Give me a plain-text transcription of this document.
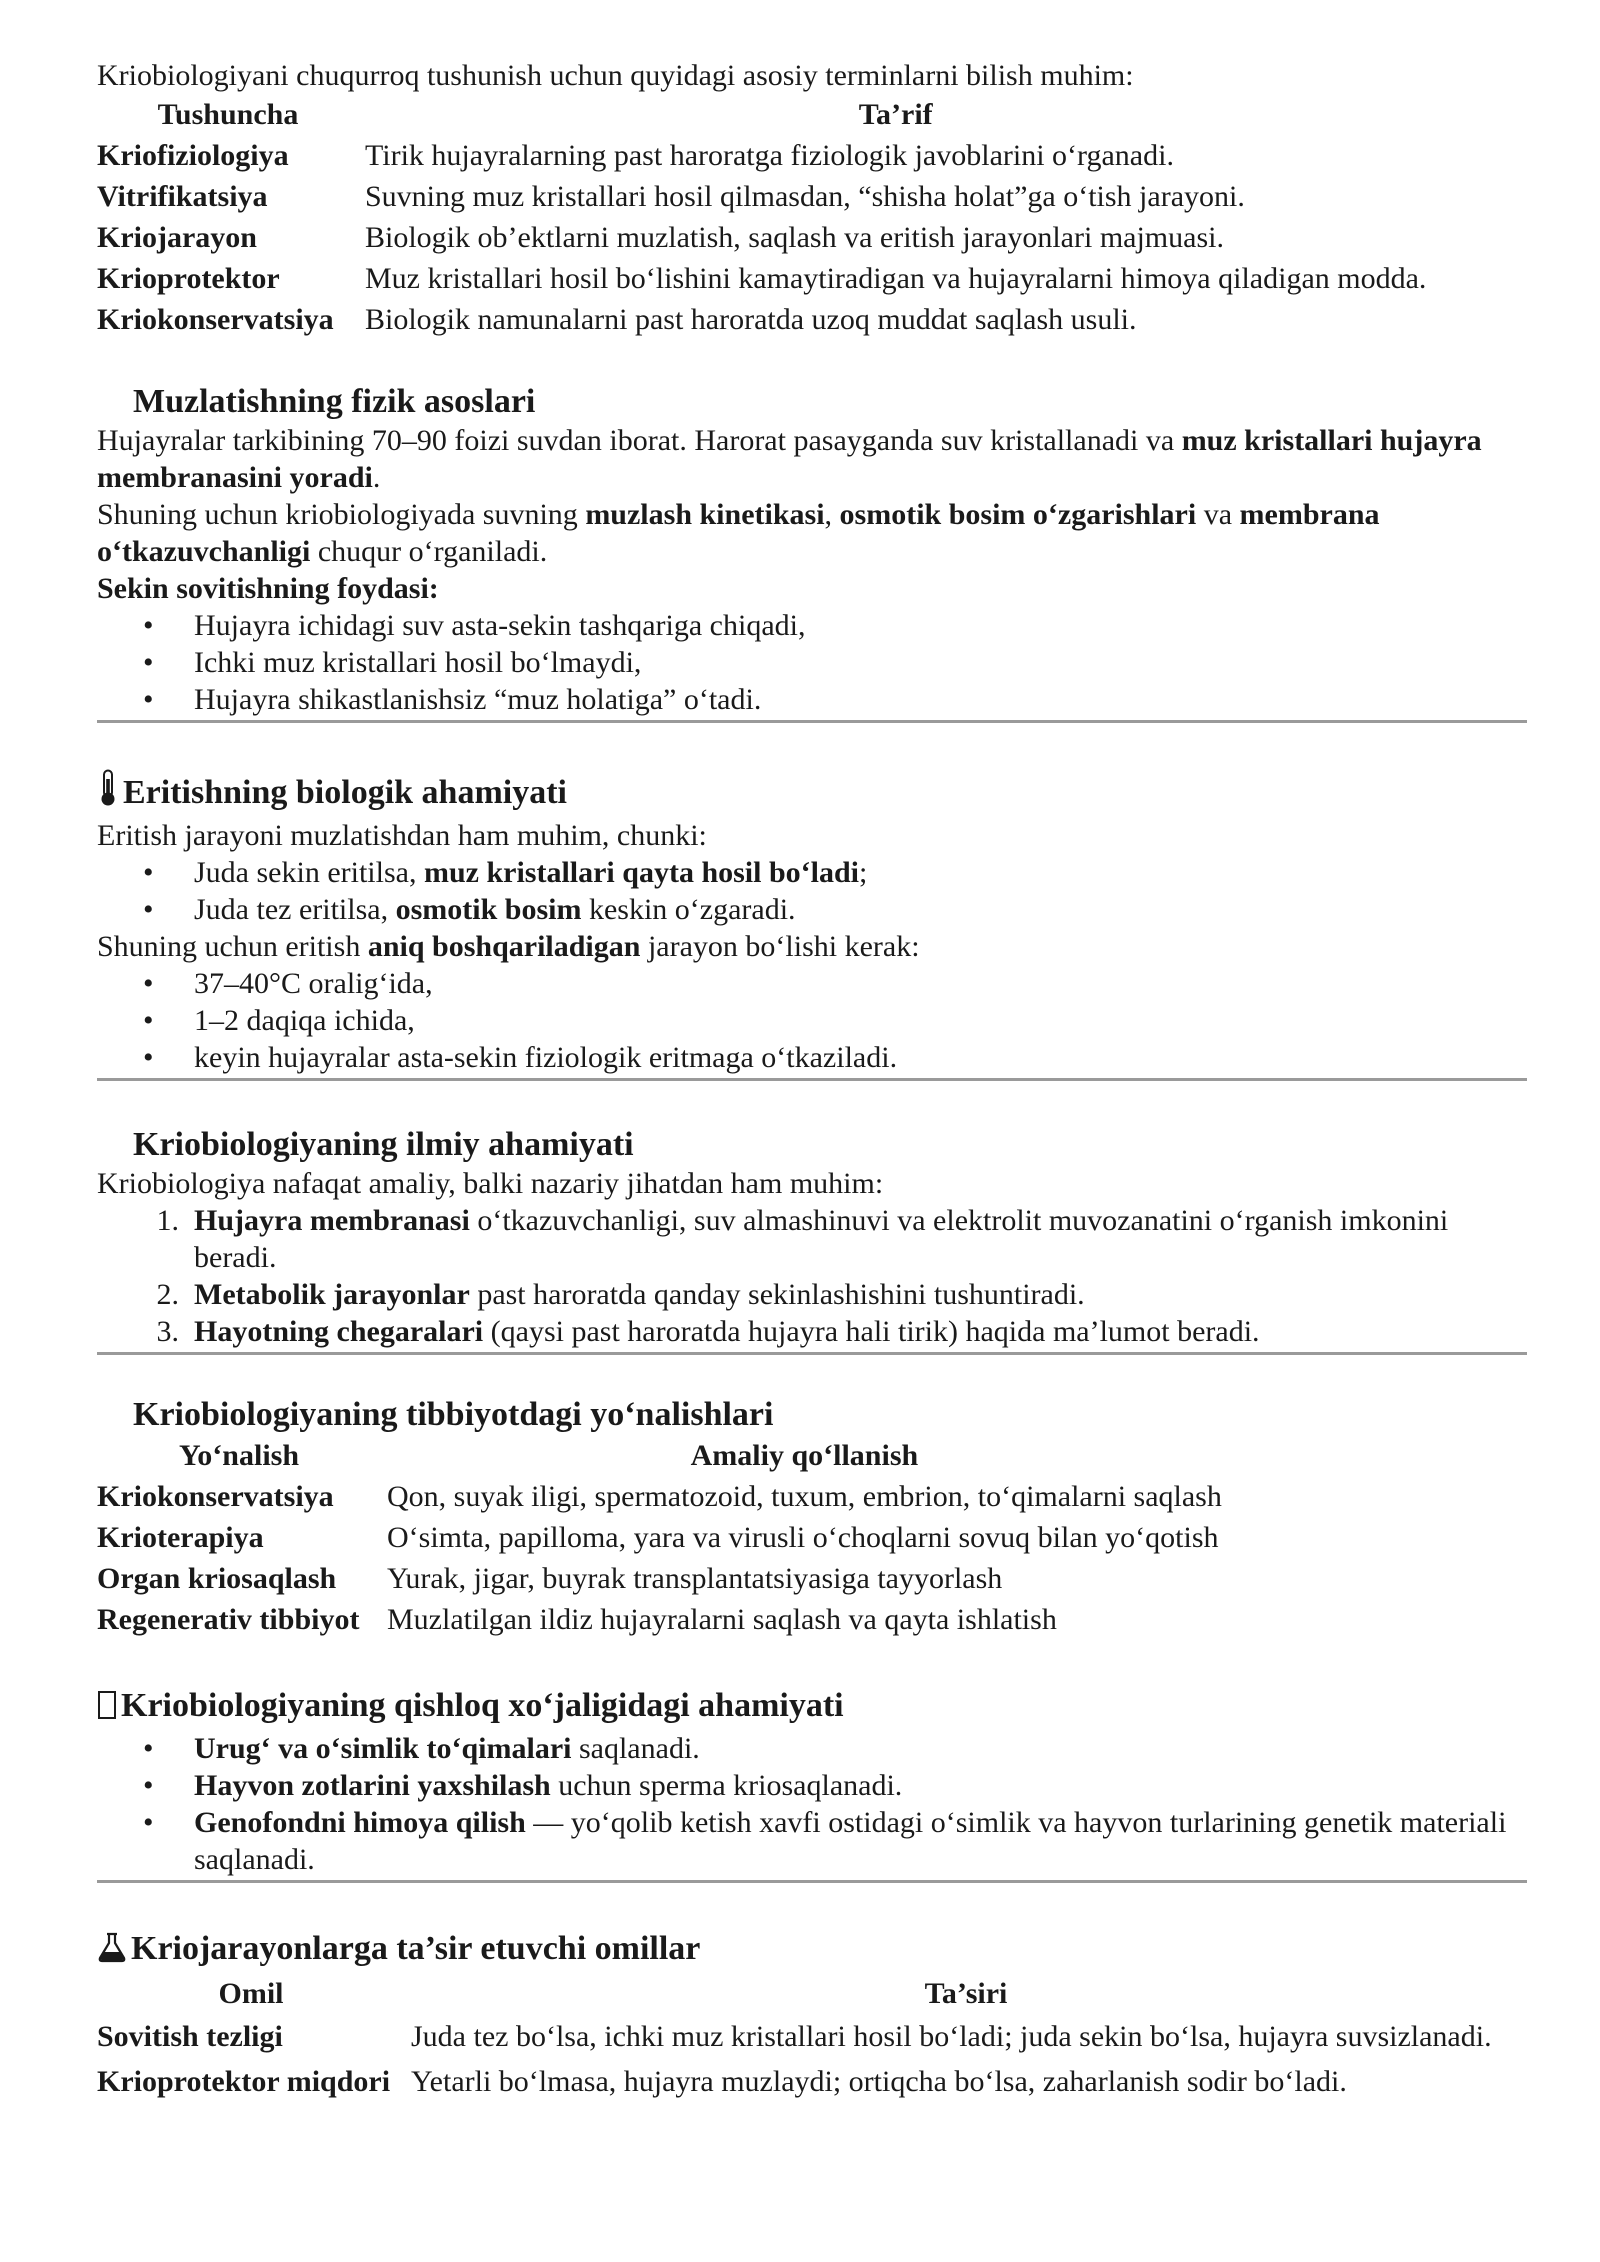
Kriobiologiyani chuqurroq tushunish uchun quyidagi asosiy terminlarni bilish muhim:

Tushuncha	Ta’rif
Kriofiziologiya	Tirik hujayralarning past haroratga fiziologik javoblarini oʻrganadi.
Vitrifikatsiya	Suvning muz kristallari hosil qilmasdan, “shisha holat”ga oʻtish jarayoni.
Kriojarayon	Biologik ob’ektlarni muzlatish, saqlash va eritish jarayonlari majmuasi.
Krioprotektor	Muz kristallari hosil boʻlishini kamaytiradigan va hujayralarni himoya qiladigan modda.
Kriokonservatsiya	Biologik namunalarni past haroratda uzoq muddat saqlash usuli.
Muzlatishning fizik asoslari

Hujayralar tarkibining 70–90 foizi suvdan iborat. Harorat pasayganda suv kristallanadi va muz kristallari hujayra membranasini yoradi.

Shuning uchun kriobiologiyada suvning muzlash kinetikasi, osmotik bosim oʻzgarishlari va membrana oʻtkazuvchanligi chuqur oʻrganiladi.

Sekin sovitishning foydasi:

• Hujayra ichidagi suv asta-sekin tashqariga chiqadi,
• Ichki muz kristallari hosil boʻlmaydi,
• Hujayra shikastlanishsiz “muz holatiga” oʻtadi.
Eritishning biologik ahamiyati

Eritish jarayoni muzlatishdan ham muhim, chunki:

• Juda sekin eritilsa, muz kristallari qayta hosil boʻladi;
• Juda tez eritilsa, osmotik bosim keskin oʻzgaradi.

Shuning uchun eritish aniq boshqariladigan jarayon boʻlishi kerak:

• 37–40°C oraligʻida,
• 1–2 daqiqa ichida,
• keyin hujayralar asta-sekin fiziologik eritmaga oʻtkaziladi.
Kriobiologiyaning ilmiy ahamiyati

Kriobiologiya nafaqat amaliy, balki nazariy jihatdan ham muhim:

1. Hujayra membranasi oʻtkazuvchanligi, suv almashinuvi va elektrolit muvozanatini oʻrganish imkonini beradi.
2. Metabolik jarayonlar past haroratda qanday sekinlashishini tushuntiradi.
3. Hayotning chegaralari (qaysi past haroratda hujayra hali tirik) haqida ma’lumot beradi.
Kriobiologiyaning tibbiyotdagi yoʻnalishlari
Yoʻnalish	Amaliy qoʻllanish
Kriokonservatsiya	Qon, suyak iligi, spermatozoid, tuxum, embrion, toʻqimalarni saqlash
Krioterapiya	Oʻsimta, papilloma, yara va virusli oʻchoqlarni sovuq bilan yoʻqotish
Organ kriosaqlash	Yurak, jigar, buyrak transplantatsiyasiga tayyorlash
Regenerativ tibbiyot	Muzlatilgan ildiz hujayralarni saqlash va qayta ishlatish
Kriobiologiyaning qishloq xoʻjaligidagi ahamiyati
• Urugʻ va oʻsimlik toʻqimalari saqlanadi.
• Hayvon zotlarini yaxshilash uchun sperma kriosaqlanadi.
• Genofondni himoya qilish — yoʻqolib ketish xavfi ostidagi oʻsimlik va hayvon turlarining genetik materiali saqlanadi.
Kriojarayonlarga ta’sir etuvchi omillar
Omil	Ta’siri
Sovitish tezligi	Juda tez boʻlsa, ichki muz kristallari hosil boʻladi; juda sekin boʻlsa, hujayra suvsizlanadi.
Krioprotektor miqdori	Yetarli boʻlmasa, hujayra muzlaydi; ortiqcha boʻlsa, zaharlanish sodir boʻladi.
